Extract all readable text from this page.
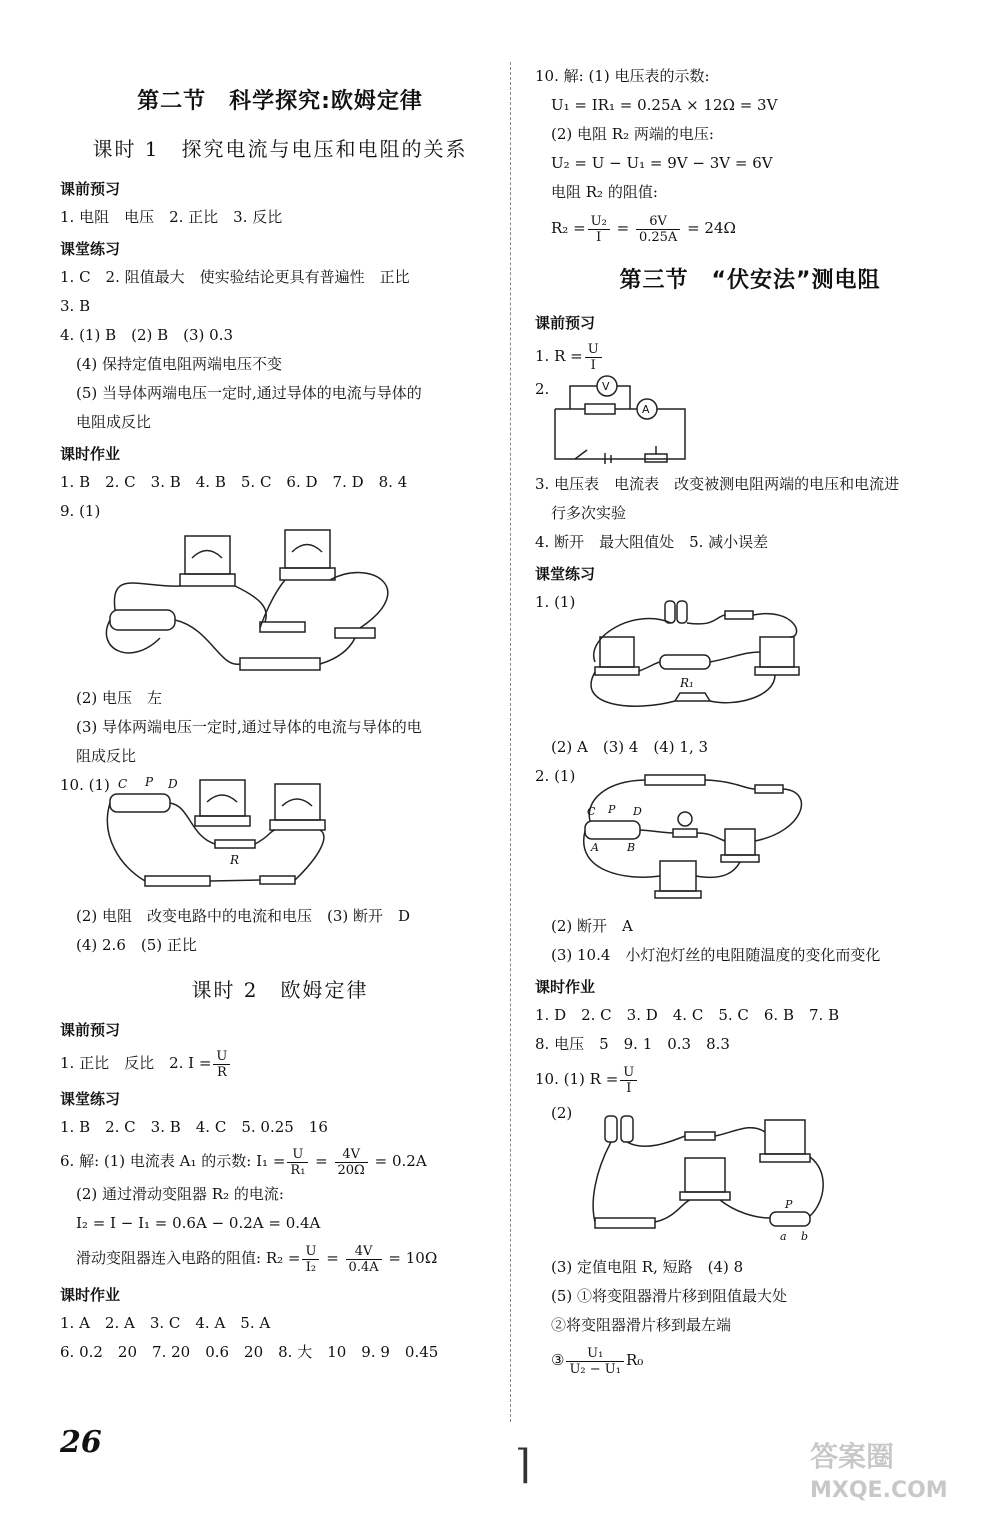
第二节　科学探究:欧姆定律
课时 1　探究电流与电压和电阻的关系
课前预习
1. 电阻　电压　2. 正比　3. 反比
课堂练习
1. C　2. 阻值最大　使实验结论更具有普遍性　正比
3. B
4. (1) B　(2) B　(3) 0.3
(4) 保持定值电阻两端电压不变
(5) 当导体两端电压一定时,通过导体的电流与导体的
电阻成反比
课时作业
1. B　2. C　3. B　4. B　5. C　6. D　7. D　8. 4
9. (1)
(2) 电压　左
(3) 导体两端电压一定时,通过导体的电流与导体的电
阻成反比
10. (1) C P D
R
(2) 电阻　改变电路中的电流和电压　(3) 断开　D
(4) 2.6　(5) 正比
课时 2　欧姆定律
课前预习
1. 正比　反比　2. $I = \frac{U}{R}$
课堂练习
1. B　2. C　3. B　4. C　5. 0.25　16
6. 解: (1) 电流表 A₁ 的示数: $I_1 = \frac{U}{\text{R₁}} = \frac{4V}{20\Omega} = 0.2A$
(2) 通过滑动变阻器 R₂ 的电流:
I₂ = I − I₁ = 0.6A − 0.2A = 0.4A
滑动变阻器连入电路的阻值: $R_2 = \frac{U}{\text{I₂}} = \frac{4V}{0.4A} = 10\Omega$
课时作业
1. A　2. A　3. C　4. A　5. A
6. 0.2　20　7. 20　0.6　20　8. 大　10　9. 9　0.45
10. 解: (1) 电压表的示数:
U₁ = IR₁ = 0.25A × 12Ω = 3V
(2) 电阻 R₂ 两端的电压:
U₂ = U − U₁ = 9V − 3V = 6V
电阻 R₂ 的阻值:
$R_2 = \frac{\text{U₂}}{I} = \frac{6V}{0.25A} = 24\Omega$
第三节　“伏安法”测电阻
课前预习
1. $R = \frac{U}{I}$
2.	V
A
3. 电压表　电流表　改变被测电阻两端的电压和电流进
行多次实验
4. 断开　最大阻值处　5. 减小误差
课堂练习
1. (1)
R₁
(2) A　(3) 4　(4) 1, 3
2. (1)
C P D
A	B
(2) 断开　A
(3) 10.4　小灯泡灯丝的电阻随温度的变化而变化
课时作业
1. D　2. C　3. D　4. C　5. C　6. B　7. B
8. 电压　5　9. 1　0.3　8.3
10. (1) $R = \frac{U}{I}$
(2)
a b
P
(3) 定值电阻 R, 短路　(4) 8
(5) ①将变阻器滑片移到阻值最大处
②将变阻器滑片移到最左端
③ $\frac{\text{U₁}}{\text{U₂ − U₁}} R_0$
26	⌉	答案圈
MXQE.COM
